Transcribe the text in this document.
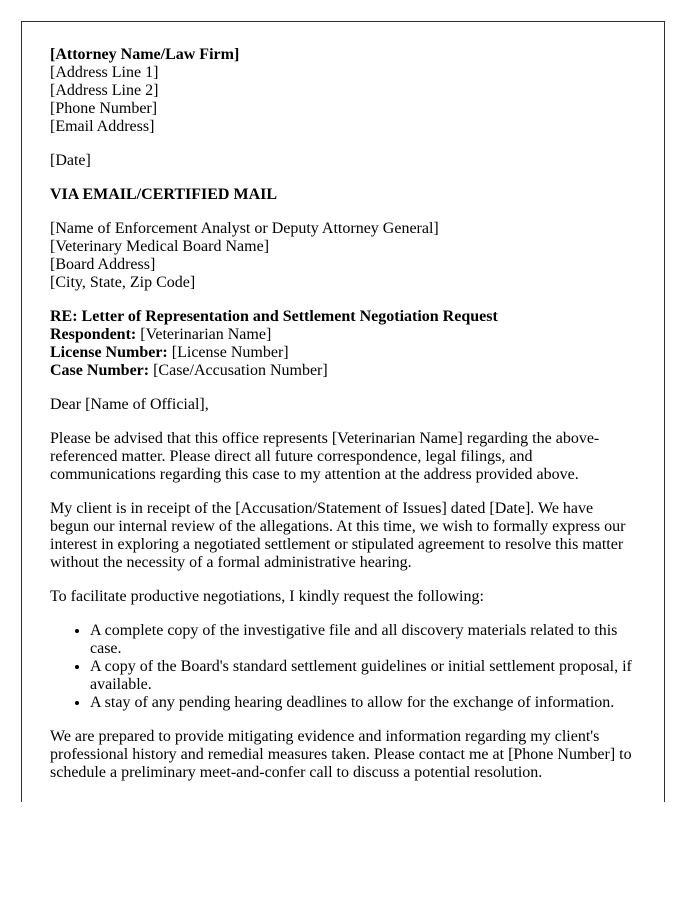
[Attorney Name/Law Firm]
[Address Line 1]
[Address Line 2]
[Phone Number]
[Email Address]

[Date]

VIA EMAIL/CERTIFIED MAIL

[Name of Enforcement Analyst or Deputy Attorney General]
[Veterinary Medical Board Name]
[Board Address]
[City, State, Zip Code]

RE: Letter of Representation and Settlement Negotiation Request
Respondent: [Veterinarian Name]
License Number: [License Number]
Case Number: [Case/Accusation Number]

Dear [Name of Official],

Please be advised that this office represents [Veterinarian Name] regarding the above-referenced matter. Please direct all future correspondence, legal filings, and communications regarding this case to my attention at the address provided above.

My client is in receipt of the [Accusation/Statement of Issues] dated [Date]. We have begun our internal review of the allegations. At this time, we wish to formally express our interest in exploring a negotiated settlement or stipulated agreement to resolve this matter without the necessity of a formal administrative hearing.

To facilitate productive negotiations, I kindly request the following:

• A complete copy of the investigative file and all discovery materials related to this case.
• A copy of the Board's standard settlement guidelines or initial settlement proposal, if available.
• A stay of any pending hearing deadlines to allow for the exchange of information.

We are prepared to provide mitigating evidence and information regarding my client's professional history and remedial measures taken. Please contact me at [Phone Number] to schedule a preliminary meet-and-confer call to discuss a potential resolution.
